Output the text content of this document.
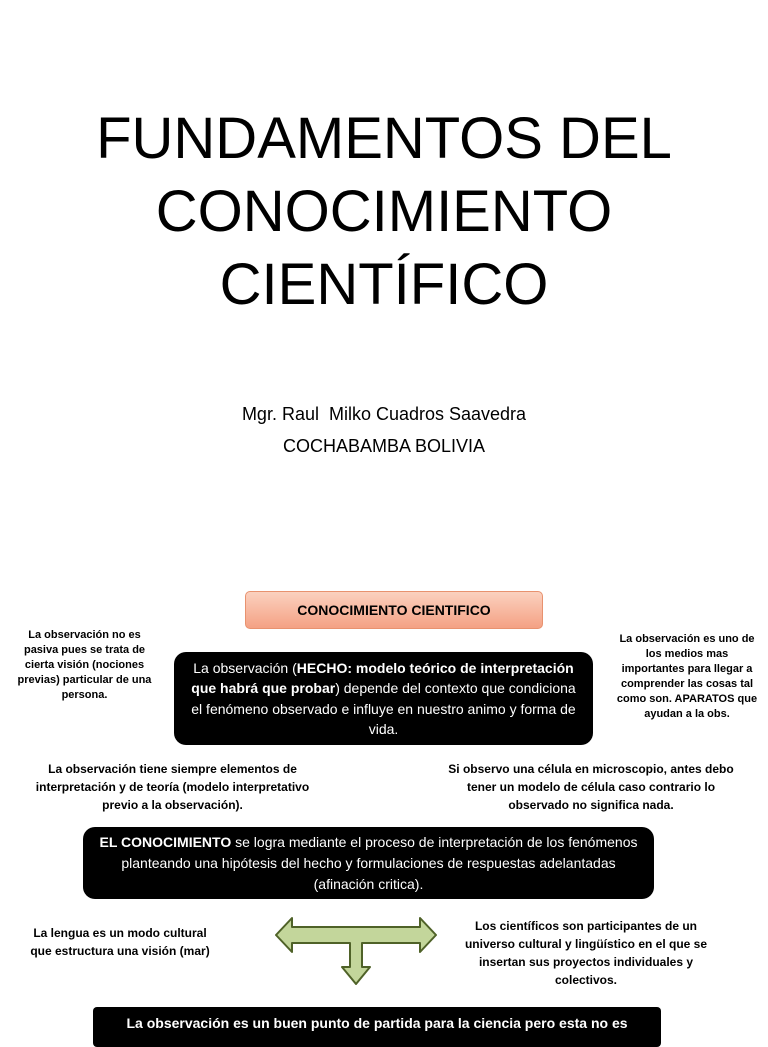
FUNDAMENTOS DEL
CONOCIMIENTO
CIENTÍFICO
Mgr. Raul  Milko Cuadros Saavedra
COCHABAMBA BOLIVIA
CONOCIMIENTO CIENTIFICO
La observación no es pasiva pues se trata de cierta visión (nociones previas) particular de una persona.
La observación es uno de los medios mas importantes para llegar a comprender las cosas tal como son. APARATOS que ayudan a la obs.
La observación (HECHO: modelo teórico de interpretación que habrá que probar) depende del contexto que condiciona el fenómeno observado e influye en nuestro animo y forma de vida.
La observación tiene siempre elementos de interpretación y de teoría (modelo interpretativo previo a la observación).
Si observo una célula en microscopio, antes debo tener un modelo de célula caso contrario lo observado no significa nada.
EL CONOCIMIENTO se logra mediante el proceso de interpretación de los fenómenos planteando una hipótesis del hecho y formulaciones de respuestas adelantadas (afinación critica).
La lengua es un modo cultural que estructura una visión (mar)
Los científicos son participantes de un universo cultural y lingüístico en el que se insertan sus proyectos individuales y colectivos.
La observación es un buen punto de partida para la ciencia pero esta no es
